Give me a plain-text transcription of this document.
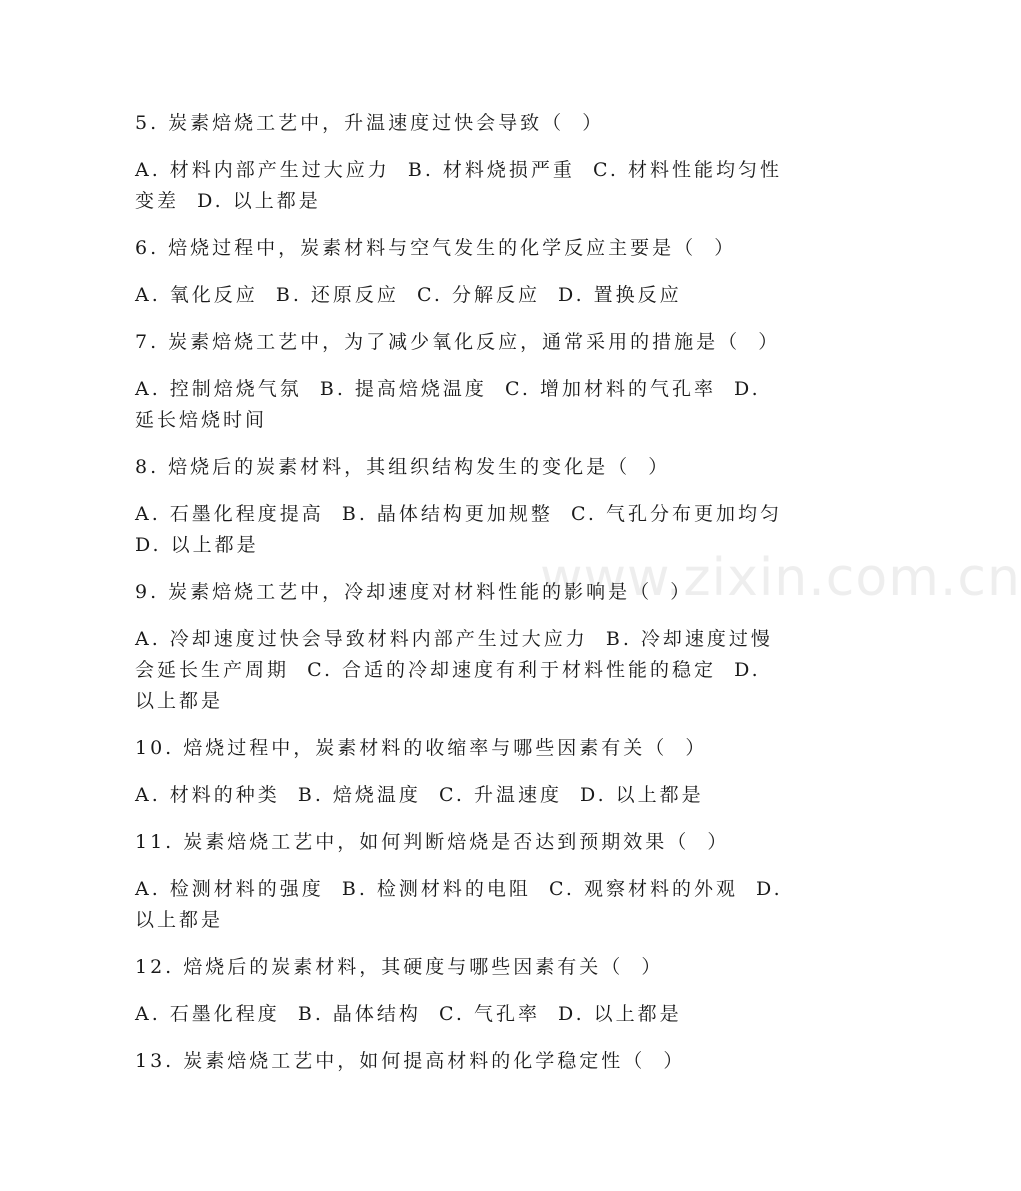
www.zixin.com.cn

5. 炭素焙烧工艺中，升温速度过快会导致（  ）

A. 材料内部产生过大应力  B. 材料烧损严重  C. 材料性能均匀性变差  D. 以上都是

6. 焙烧过程中，炭素材料与空气发生的化学反应主要是（  ）

A. 氧化反应  B. 还原反应  C. 分解反应  D. 置换反应

7. 炭素焙烧工艺中，为了减少氧化反应，通常采用的措施是（  ）

A. 控制焙烧气氛  B. 提高焙烧温度  C. 增加材料的气孔率  D. 延长焙烧时间

8. 焙烧后的炭素材料，其组织结构发生的变化是（  ）

A. 石墨化程度提高  B. 晶体结构更加规整  C. 气孔分布更加均匀  D. 以上都是

9. 炭素焙烧工艺中，冷却速度对材料性能的影响是（  ）

A. 冷却速度过快会导致材料内部产生过大应力  B. 冷却速度过慢会延长生产周期  C. 合适的冷却速度有利于材料性能的稳定  D. 以上都是

10. 焙烧过程中，炭素材料的收缩率与哪些因素有关（  ）

A. 材料的种类  B. 焙烧温度  C. 升温速度  D. 以上都是

11. 炭素焙烧工艺中，如何判断焙烧是否达到预期效果（  ）

A. 检测材料的强度  B. 检测材料的电阻  C. 观察材料的外观  D. 以上都是

12. 焙烧后的炭素材料，其硬度与哪些因素有关（  ）

A. 石墨化程度  B. 晶体结构  C. 气孔率  D. 以上都是

13. 炭素焙烧工艺中，如何提高材料的化学稳定性（  ）
